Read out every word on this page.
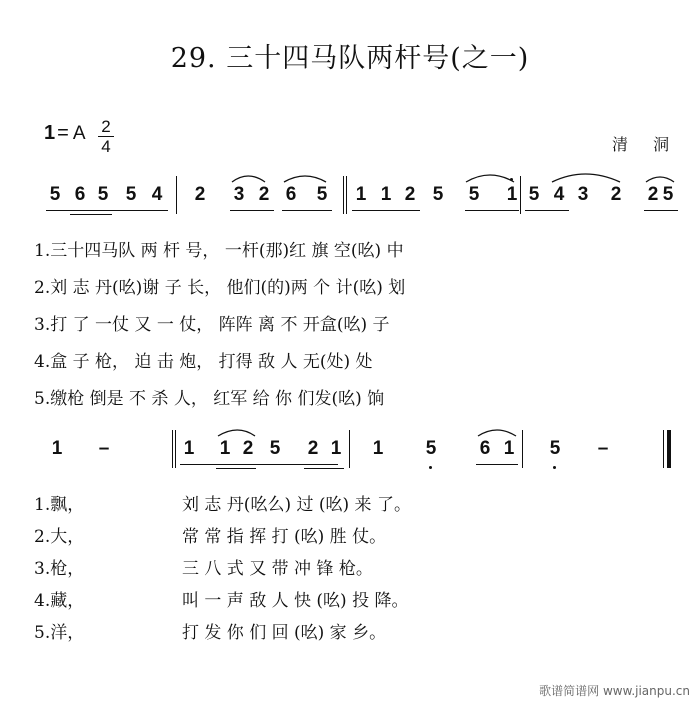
29. 三十四马队两杆号(之一)
1 = A 2
4	清 洞
5 6 5 5 4 2 3 2 6 5 1 1 2 5 5 1 5 4 3 2 2 5
1.三十四马队 两 杆 号， 一杆(那)红 旗 空(吆) 中
2.刘 志 丹(吆)谢 子 长， 他们(的)两 个 计(吆) 划
3.打 了 一仗 又 一 仗， 阵阵 离 不 开盒(吆) 子
4.盒 子 枪， 迫 击 炮， 打得 敌 人 无(处) 处
5.缴枪 倒是 不 杀 人， 红军 给 你 们发(吆) 饷
1 –	1 1 2 5 2 1 1 5 6 1 5 –
1.飘，	刘 志 丹(吆么) 过 (吆) 来 了。
2.大，	常 常 指 挥 打 (吆) 胜 仗。
3.枪，	三 八 式 又 带 冲 锋 枪。
4.藏，	叫 一 声 敌 人 快 (吆) 投 降。
5.洋，	打 发 你 们 回 (吆) 家 乡。
歌谱简谱网 www.jianpu.cn
